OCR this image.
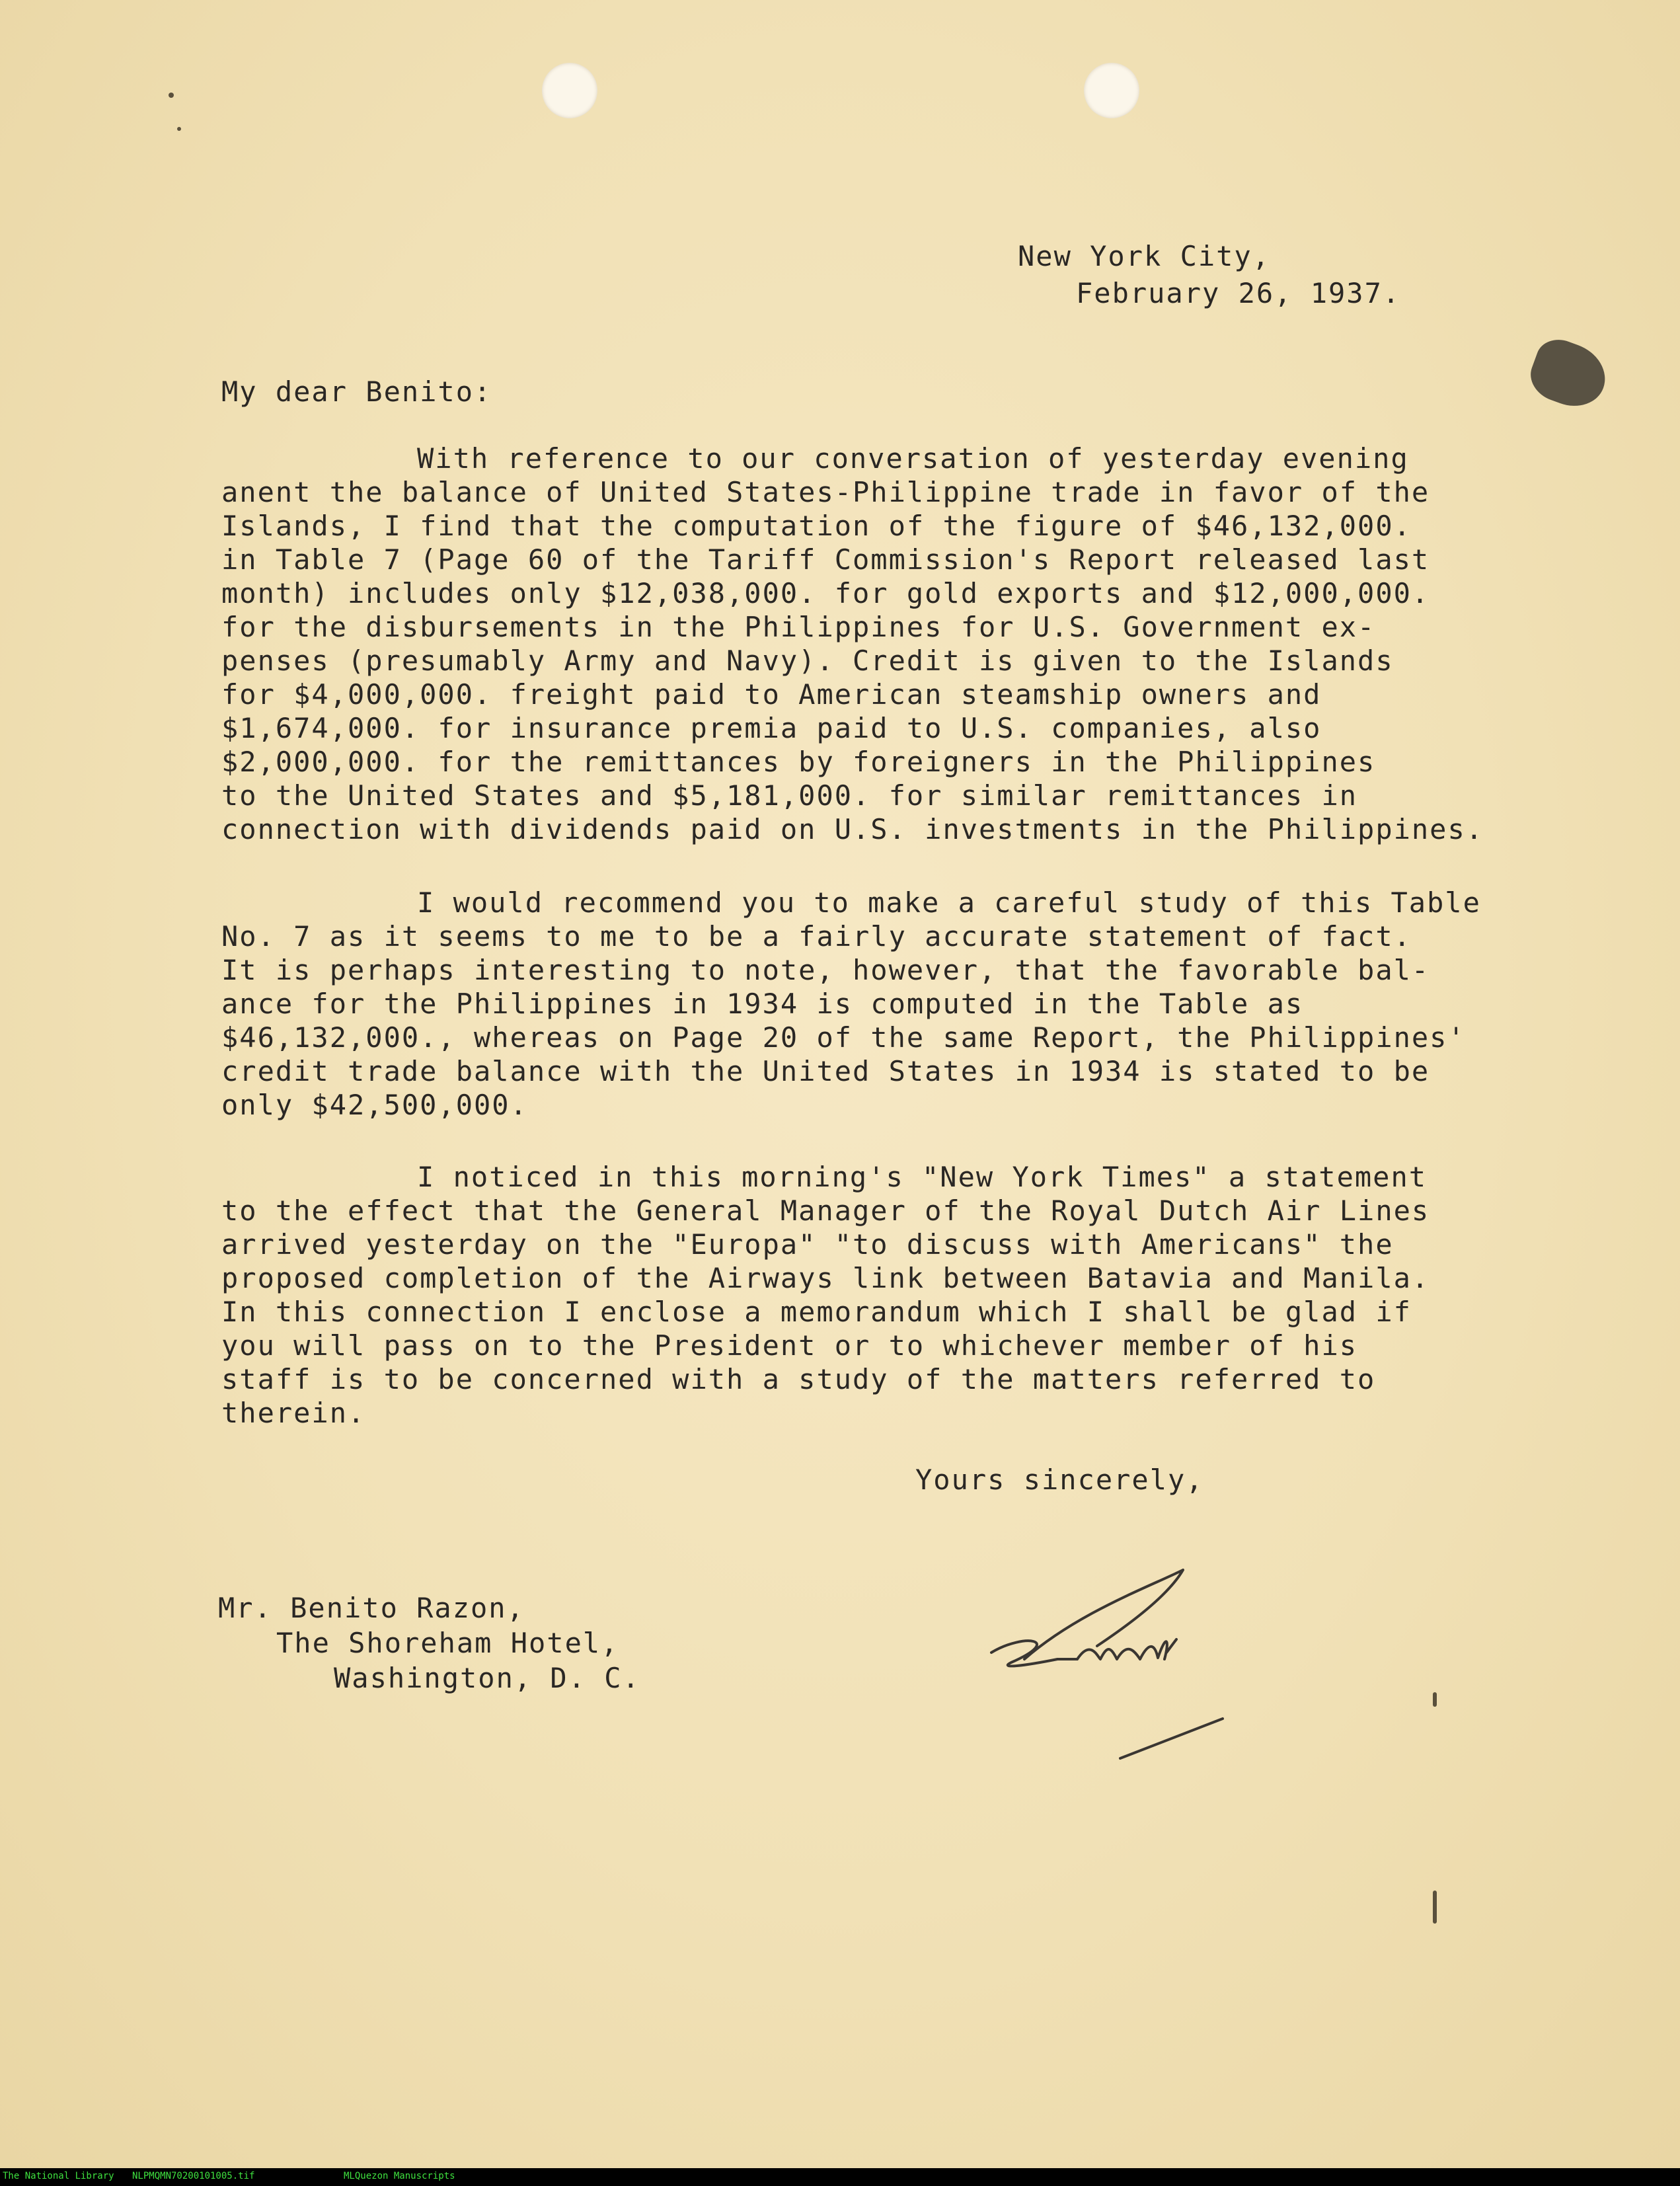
New York City,
February 26, 1937.
My dear Benito:
With reference to our conversation of yesterday evening
anent the balance of United States-Philippine trade in favor of the
Islands, I find that the computation of the figure of $46,132,000.
in Table 7 (Page 60 of the Tariff Commission's Report released last
month) includes only $12,038,000. for gold exports and $12,000,000.
for the disbursements in the Philippines for U.S. Government ex-
penses (presumably Army and Navy). Credit is given to the Islands
for $4,000,000. freight paid to American steamship owners and
$1,674,000. for insurance premia paid to U.S. companies, also
$2,000,000. for the remittances by foreigners in the Philippines
to the United States and $5,181,000. for similar remittances in
connection with dividends paid on U.S. investments in the Philippines.
I would recommend you to make a careful study of this Table
No. 7 as it seems to me to be a fairly accurate statement of fact.
It is perhaps interesting to note, however, that the favorable bal-
ance for the Philippines in 1934 is computed in the Table as
$46,132,000., whereas on Page 20 of the same Report, the Philippines'
credit trade balance with the United States in 1934 is stated to be
only $42,500,000.
I noticed in this morning's "New York Times" a statement
to the effect that the General Manager of the Royal Dutch Air Lines
arrived yesterday on the "Europa" "to discuss with Americans" the
proposed completion of the Airways link between Batavia and Manila.
In this connection I enclose a memorandum which I shall be glad if
you will pass on to the President or to whichever member of his
staff is to be concerned with a study of the matters referred to
therein.
Yours sincerely,
Mr. Benito Razon,
The Shoreham Hotel,
Washington, D. C.
The National Library NLPMQMN70200101005.tif	MLQuezon Manuscripts
